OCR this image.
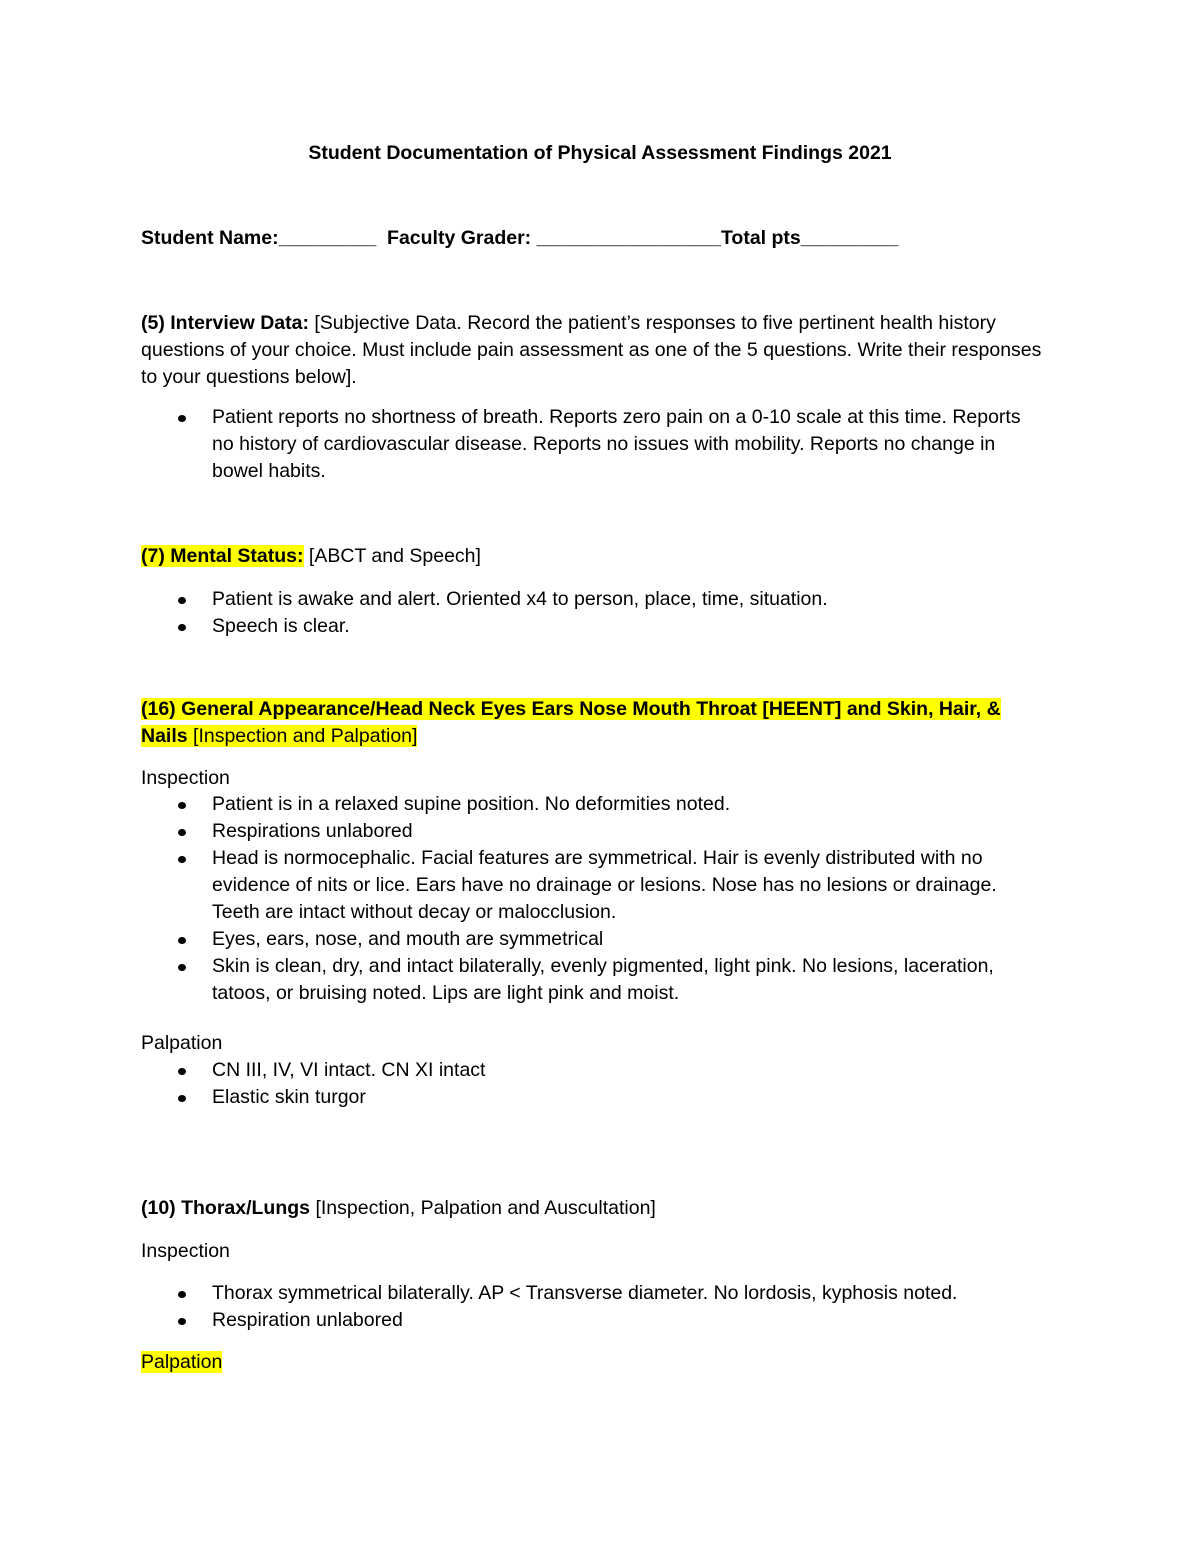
Student Documentation of Physical Assessment Findings 2021
Student Name:_________  Faculty Grader: _________________Total pts_________

(5) Interview Data: [Subjective Data. Record the patient’s responses to five pertinent health history questions of your choice. Must include pain assessment as one of the 5 questions. Write their responses to your questions below].

Patient reports no shortness of breath. Reports zero pain on a 0-10 scale at this time. Reports no history of cardiovascular disease. Reports no issues with mobility. Reports no change in bowel habits.

(7) Mental Status: [ABCT and Speech]

Patient is awake and alert. Oriented x4 to person, place, time, situation.
Speech is clear.

(16) General Appearance/Head Neck Eyes Ears Nose Mouth Throat [HEENT] and Skin, Hair, & Nails [Inspection and Palpation]

Inspection
Patient is in a relaxed supine position. No deformities noted.
Respirations unlabored
Head is normocephalic. Facial features are symmetrical. Hair is evenly distributed with no evidence of nits or lice. Ears have no drainage or lesions. Nose has no lesions or drainage. Teeth are intact without decay or malocclusion.
Eyes, ears, nose, and mouth are symmetrical
Skin is clean, dry, and intact bilaterally, evenly pigmented, light pink. No lesions, laceration, tatoos, or bruising noted. Lips are light pink and moist.
Palpation
CN III, IV, VI intact. CN XI intact
Elastic skin turgor

(10) Thorax/Lungs [Inspection, Palpation and Auscultation]

Inspection
Thorax symmetrical bilaterally. AP < Transverse diameter. No lordosis, kyphosis noted.
Respiration unlabored
Palpation
